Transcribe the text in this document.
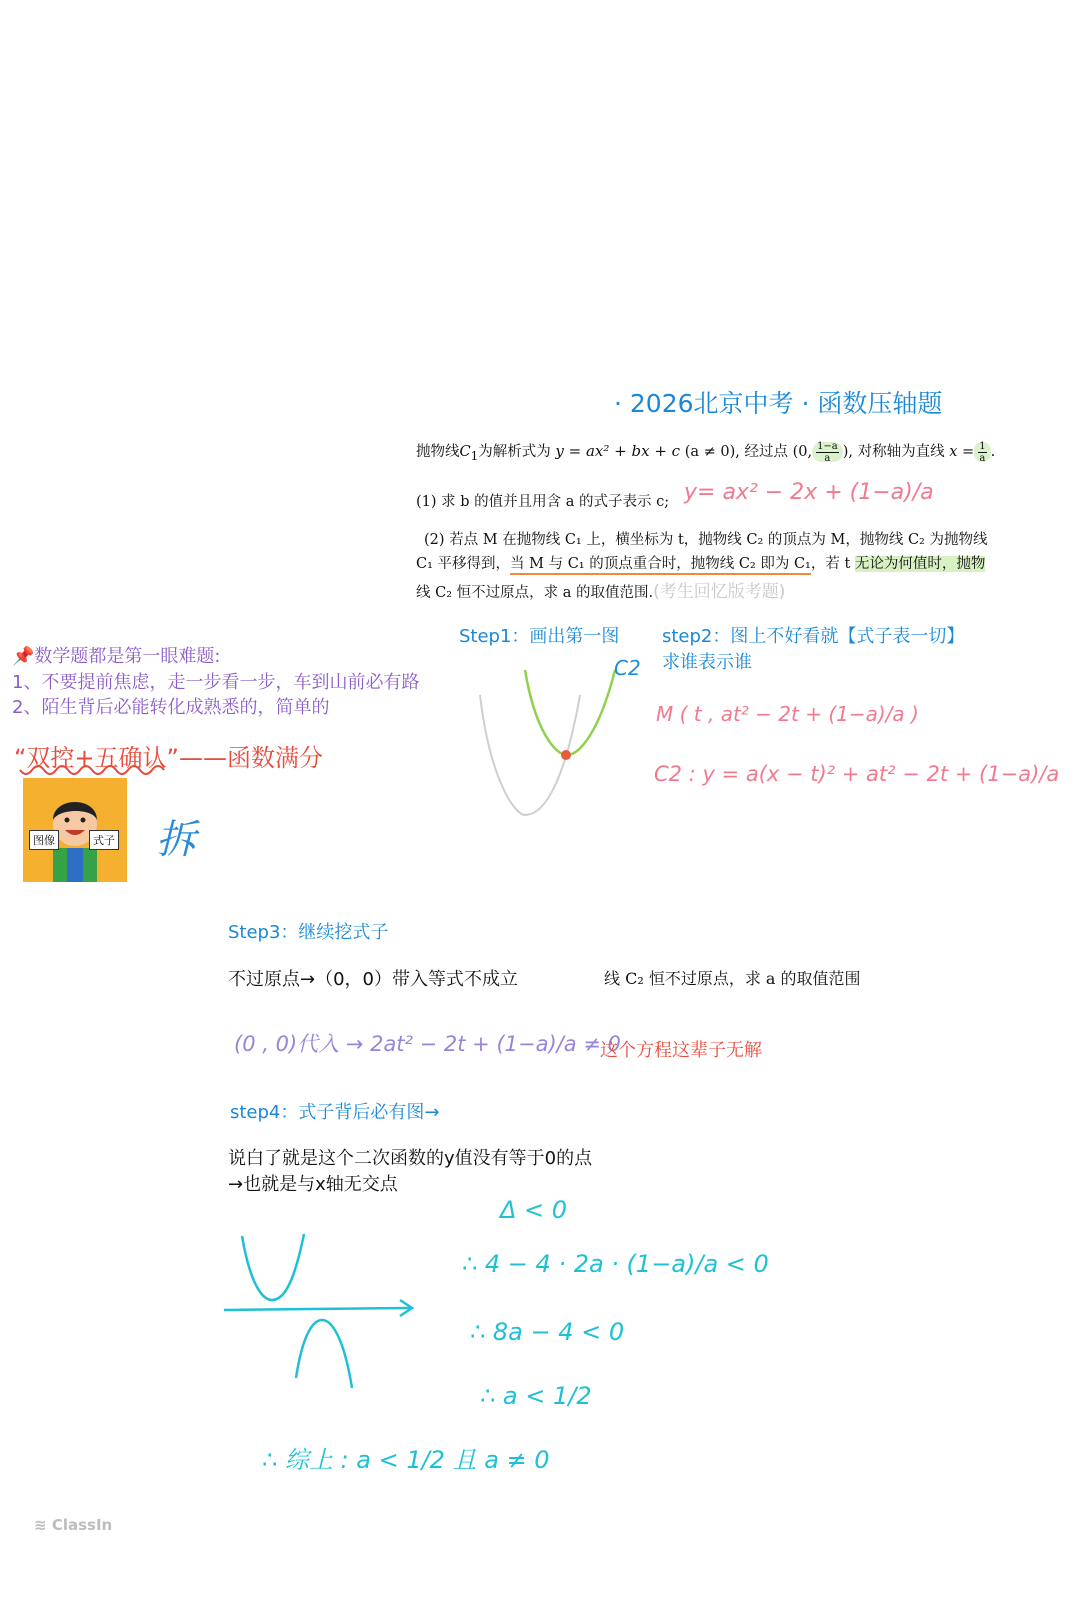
· 2026北京中考 · 函数压轴题
抛物线$C_1$为解析式为 y = ax² + bx + c (a ≠ 0), 经过点 (0, $\frac{1-a}{a}$ ), 对称轴为直线 $x = \frac{1}{a}$ .
(1) 求 b 的值并且用含 a 的式子表示 c;
(2) 若点 M 在抛物线 C₁ 上，横坐标为 t，抛物线 C₂ 的顶点为 M，抛物线 C₂ 为抛物线
C₁ 平移得到，当 M 与 C₁ 的顶点重合时，抛物线 C₂ 即为 C₁，若 t 无论为何值时，抛物
线 C₂ 恒不过原点，求 a 的取值范围.(考生回忆版考题)
y= ax² − 2x + (1−a)/a
Step1：画出第一图 step2：图上不好看就【式子表一切】
求谁表示谁
C2
M ( t , at² − 2t + (1−a)/a )
C2 : y = a(x − t)² + at² − 2t + (1−a)/a
📌数学题都是第一眼难题:
1、不要提前焦虑，走一步看一步，车到山前必有路
2、陌生背后必能转化成熟悉的，简单的
“双控+五确认”——函数满分
图像	式子 拆
Step3：继续挖式子
不过原点→（0，0）带入等式不成立	线 C₂ 恒不过原点，求 a 的取值范围
(0 , 0)代入 → 2at² − 2t + (1−a)/a ≠ 0
这个方程这辈子无解
step4：式子背后必有图→
说白了就是这个二次函数的y值没有等于0的点
→也就是与x轴无交点
Δ < 0
∴ 4 − 4 · 2a · (1−a)/a < 0
∴ 8a − 4 < 0
∴ a < 1/2
∴ 综上 : a < 1/2 且 a ≠ 0
≋ ClassIn
